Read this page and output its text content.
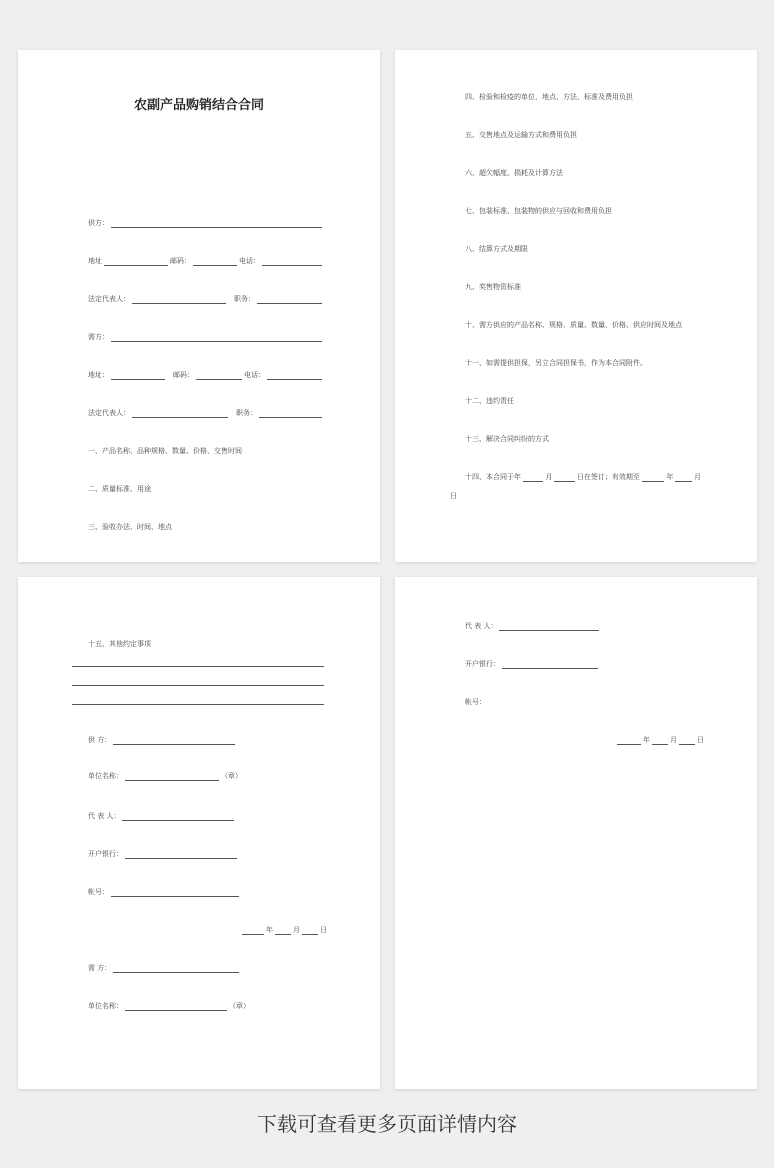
农副产品购销结合合同
供方：
地址	邮码：	电话：
法定代表人：	职务：
需方：
地址：	邮码：	电话：
法定代表人：	职务：
一、产品名称、品种规格、数量、价格、交售时间
二、质量标准、用途
三、验收办法、时间、地点
四、检验和检疫的单位、地点、方法、标准及费用负担
五、交售地点及运输方式和费用负担
六、超欠幅度、损耗及计算方法
七、包装标准、包装物的供应与回收和费用负担
八、结算方式及期限
九、奖售物资标准
十、需方供应的产品名称、规格、质量、数量、价格、供应时间及地点
十一、如需提供担保，另立合同担保书，作为本合同附件。
十二、违约责任
十三、解决合同纠纷的方式
十四、本合同于年	月	日在签订；有效期至	年	月
日
十五、其他约定事项
供 方：
单位名称：	（章）
代 表 人：
开户银行：
帐号：
年	月	日
需 方：
单位名称：	（章）
代 表 人：
开户银行：
帐号：
年	月	日
下载可查看更多页面详情内容
